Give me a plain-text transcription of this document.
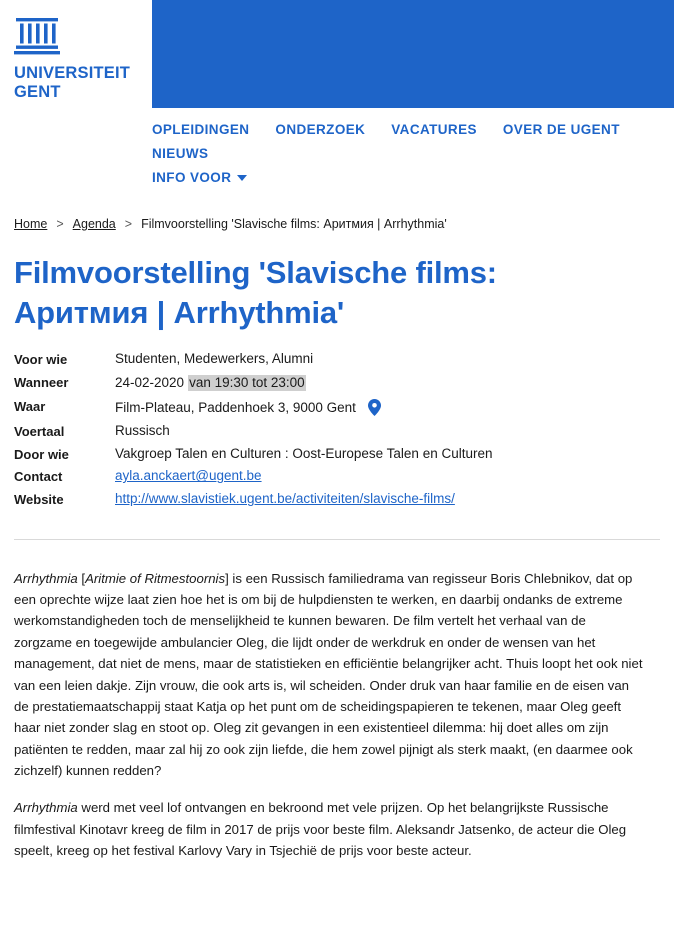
UNIVERSITEIT
GENT
OPLEIDINGEN ONDERZOEK VACATURES OVER DE UGENT
NIEUWS
INFO VOOR
Home > Agenda > Filmvoorstelling 'Slavische films: Аритмия | Arrhythmia'
Filmvoorstelling 'Slavische films: Аритмия | Arrhythmia'
Voor wie	Studenten, Medewerkers, Alumni
Wanneer	24-02-2020 van 19:30 tot 23:00
Waar	Film-Plateau, Paddenhoek 3, 9000 Gent
Voertaal	Russisch
Door wie	Vakgroep Talen en Culturen : Oost-Europese Talen en Culturen
Contact	ayla.anckaert@ugent.be
Website	http://www.slavistiek.ugent.be/activiteiten/slavische-films/

Arrhythmia [Aritmie of Ritmestoornis] is een Russisch familiedrama van regisseur Boris Chlebnikov, dat op een oprechte wijze laat zien hoe het is om bij de hulpdiensten te werken, en daarbij ondanks de extreme werkomstandigheden toch de menselijkheid te kunnen bewaren. De film vertelt het verhaal van de zorgzame en toegewijde ambulancier Oleg, die lijdt onder de werkdruk en onder de wensen van het management, dat niet de mens, maar de statistieken en efficiëntie belangrijker acht. Thuis loopt het ook niet van een leien dakje. Zijn vrouw, die ook arts is, wil scheiden. Onder druk van haar familie en de eisen van de prestatiemaatschappij staat Katja op het punt om de scheidingspapieren te tekenen, maar Oleg geeft haar niet zonder slag en stoot op. Oleg zit gevangen in een existentieel dilemma: hij doet alles om zijn patiënten te redden, maar zal hij zo ook zijn liefde, die hem zowel pijnigt als sterk maakt, (en daarmee ook zichzelf) kunnen redden?

Arrhythmia werd met veel lof ontvangen en bekroond met vele prijzen. Op het belangrijkste Russische filmfestival Kinotavr kreeg de film in 2017 de prijs voor beste film. Aleksandr Jatsenko, de acteur die Oleg speelt, kreeg op het festival Karlovy Vary in Tsjechië de prijs voor beste acteur.
